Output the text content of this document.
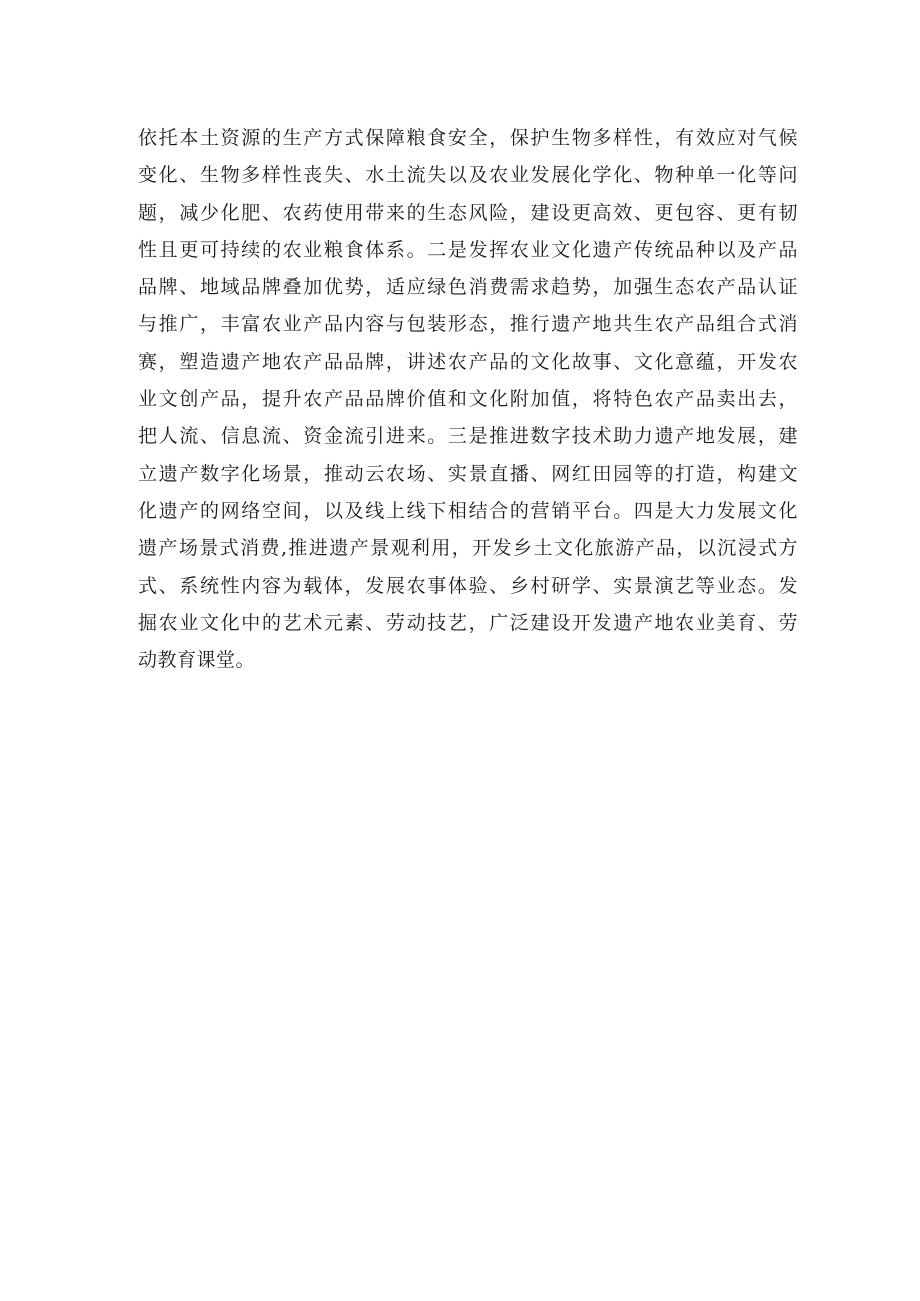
依托本土资源的生产方式保障粮食安全，保护生物多样性，有效应对气候
变化、生物多样性丧失、水土流失以及农业发展化学化、物种单一化等问
题，减少化肥、农药使用带来的生态风险，建设更高效、更包容、更有韧
性且更可持续的农业粮食体系。二是发挥农业文化遗产传统品种以及产品
品牌、地域品牌叠加优势，适应绿色消费需求趋势，加强生态农产品认证
与推广，丰富农业产品内容与包装形态，推行遗产地共生农产品组合式消
赛，塑造遗产地农产品品牌，讲述农产品的文化故事、文化意蕴，开发农
业文创产品，提升农产品品牌价值和文化附加值，将特色农产品卖出去，
把人流、信息流、资金流引进来。三是推进数字技术助力遗产地发展，建
立遗产数字化场景，推动云农场、实景直播、网红田园等的打造，构建文
化遗产的网络空间，以及线上线下相结合的营销平台。四是大力发展文化
遗产场景式消费,推进遗产景观利用，开发乡土文化旅游产品，以沉浸式方
式、系统性内容为载体，发展农事体验、乡村研学、实景演艺等业态。发
掘农业文化中的艺术元素、劳动技艺，广泛建设开发遗产地农业美育、劳
动教育课堂。
